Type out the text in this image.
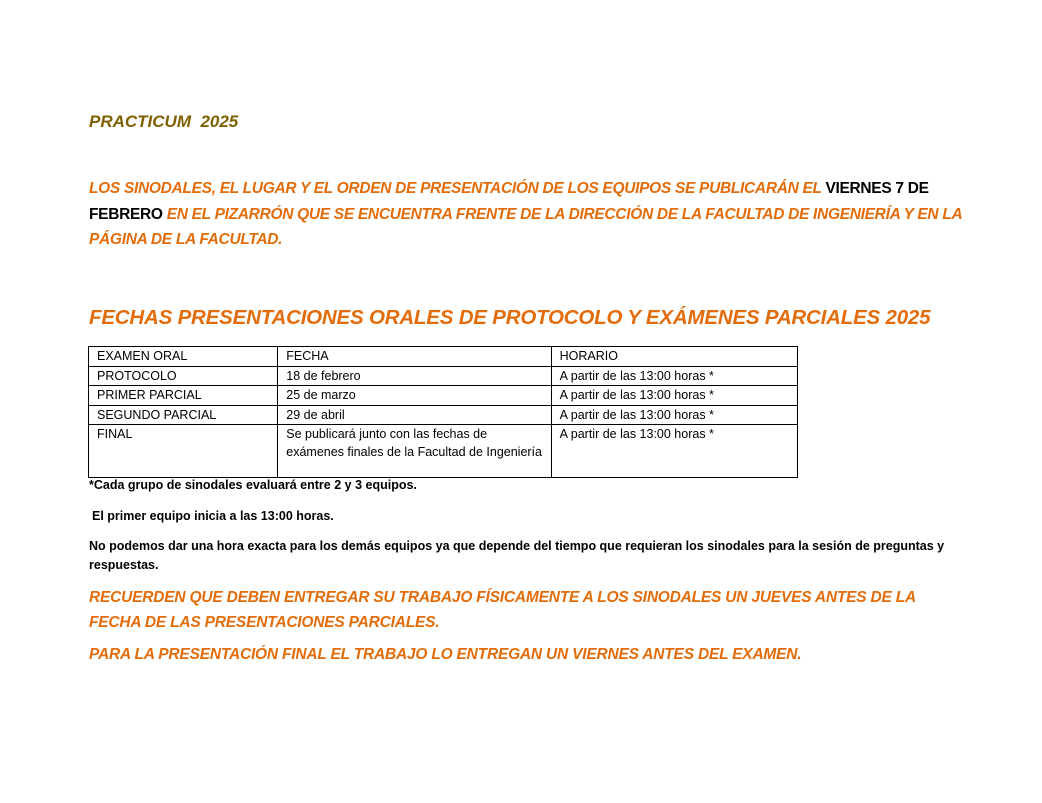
PRACTICUM  2025

LOS SINODALES, EL LUGAR Y EL ORDEN DE PRESENTACIÓN DE LOS EQUIPOS SE PUBLICARÁN EL VIERNES 7 DE FEBRERO EN EL PIZARRÓN QUE SE ENCUENTRA FRENTE DE LA DIRECCIÓN DE LA FACULTAD DE INGENIERÍA Y EN LA PÁGINA DE LA FACULTAD.

FECHAS PRESENTACIONES ORALES DE PROTOCOLO Y EXÁMENES PARCIALES 2025
EXAMEN ORAL	FECHA	HORARIO
PROTOCOLO	18 de febrero	A partir de las 13:00 horas *
PRIMER PARCIAL	25 de marzo	A partir de las 13:00 horas *
SEGUNDO PARCIAL	29 de abril	A partir de las 13:00 horas *
FINAL	Se publicará junto con las fechas de exámenes finales de la Facultad de Ingeniería	A partir de las 13:00 horas *

*Cada grupo de sinodales evaluará entre 2 y 3 equipos.

El primer equipo inicia a las 13:00 horas.

No podemos dar una hora exacta para los demás equipos ya que depende del tiempo que requieran los sinodales para la sesión de preguntas y respuestas.

RECUERDEN QUE DEBEN ENTREGAR SU TRABAJO FÍSICAMENTE A LOS SINODALES UN JUEVES ANTES DE LA FECHA DE LAS PRESENTACIONES PARCIALES.

PARA LA PRESENTACIÓN FINAL EL TRABAJO LO ENTREGAN UN VIERNES ANTES DEL EXAMEN.
